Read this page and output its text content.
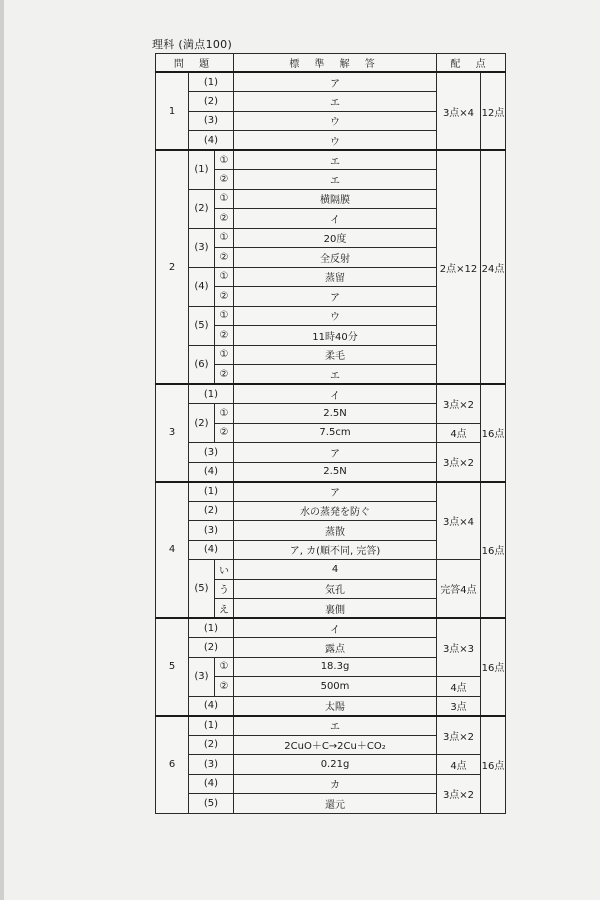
理科 (満点100)
問 題			標 準 解 答	配 点	
1	(1)		ア	3点×4	12点
	(2)		エ		
	(3)		ウ		
	(4)		ウ		
2	(1)	①	エ	2点×12	24点
		②	エ		
	(2)	①	横隔膜		
		②	イ		
	(3)	①	20度		
		②	全反射		
	(4)	①	蒸留		
		②	ア		
	(5)	①	ウ		
		②	11時40分		
	(6)	①	柔毛		
		②	エ		
3	(1)		イ	3点×2	16点
	(2)	①	2.5N		
		②	7.5cm	4点	
	(3)		ア	3点×2	
	(4)		2.5N		
4	(1)		ア	3点×4	16点
	(2)		水の蒸発を防ぐ		
	(3)		蒸散		
	(4)		ア, カ(順不同, 完答)		
	(5)	い	4	完答4点	
		う	気孔		
		え	裏側		
5	(1)		イ	3点×3	16点
	(2)		露点		
	(3)	①	18.3g		
		②	500m	4点	
	(4)		太陽	3点	
6	(1)		エ	3点×2	16点
	(2)		2CuO＋C→2Cu＋CO₂		
	(3)		0.21g	4点	
	(4)		カ	3点×2	
	(5)		還元		
